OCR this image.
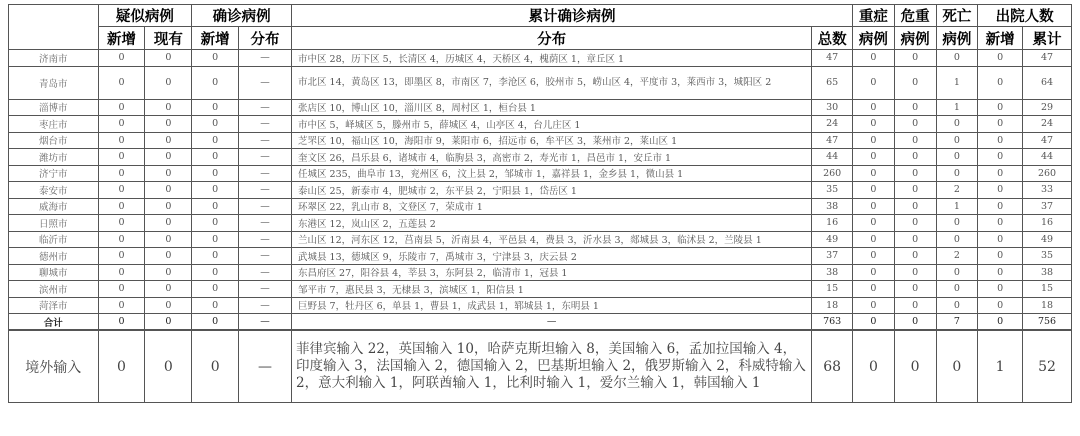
	疑似病例		确诊病例		累计确诊病例		重症	危重	死亡	出院人数	
	新增	现有	新增	分布	分布	总数	病例	病例	病例	新增	累计
济南市	0	0	0	—	市中区 28，历下区 5，长清区 4，历城区 4，天桥区 4，槐荫区 1，章丘区 1	47	0	0	0	0	47
青岛市	0	0	0	—	市北区 14，黄岛区 13，即墨区 8，市南区 7，李沧区 6，胶州市 5，崂山区 4，平度市 3，莱西市 3，城阳区 2	65	0	0	1	0	64
淄博市	0	0	0	—	张店区 10，博山区 10，淄川区 8，周村区 1，桓台县 1	30	0	0	1	0	29
枣庄市	0	0	0	—	市中区 5，峄城区 5，滕州市 5，薛城区 4，山亭区 4，台儿庄区 1	24	0	0	0	0	24
烟台市	0	0	0	—	芝罘区 10，福山区 10，海阳市 9，莱阳市 6，招远市 6，牟平区 3，莱州市 2，莱山区 1	47	0	0	0	0	47
潍坊市	0	0	0	—	奎文区 26，昌乐县 6，诸城市 4，临朐县 3，高密市 2，寿光市 1，昌邑市 1，安丘市 1	44	0	0	0	0	44
济宁市	0	0	0	—	任城区 235，曲阜市 13，兖州区 6，汶上县 2，邹城市 1，嘉祥县 1，金乡县 1，微山县 1	260	0	0	0	0	260
泰安市	0	0	0	—	泰山区 25，新泰市 4，肥城市 2，东平县 2，宁阳县 1，岱岳区 1	35	0	0	2	0	33
威海市	0	0	0	—	环翠区 22，乳山市 8，文登区 7，荣成市 1	38	0	0	1	0	37
日照市	0	0	0	—	东港区 12，岚山区 2，五莲县 2	16	0	0	0	0	16
临沂市	0	0	0	—	兰山区 12，河东区 12，莒南县 5，沂南县 4，平邑县 4，费县 3，沂水县 3，郯城县 3，临沭县 2，兰陵县 1	49	0	0	0	0	49
德州市	0	0	0	—	武城县 13，德城区 9，乐陵市 7，禹城市 3，宁津县 3，庆云县 2	37	0	0	2	0	35
聊城市	0	0	0	—	东昌府区 27，阳谷县 4，莘县 3，东阿县 2，临清市 1，冠县 1	38	0	0	0	0	38
滨州市	0	0	0	—	邹平市 7，惠民县 3，无棣县 3，滨城区 1，阳信县 1	15	0	0	0	0	15
菏泽市	0	0	0	—	巨野县 7，牡丹区 6，单县 1，曹县 1，成武县 1，郓城县 1，东明县 1	18	0	0	0	0	18
合计	0	0	0	—	—	763	0	0	7	0	756
境外输入	0	0	0	—	菲律宾输入 22，英国输入 10，哈萨克斯坦输入 8，美国输入 6，孟加拉国输入 4，印度输入 3，法国输入 2，德国输入 2，巴基斯坦输入 2，俄罗斯输入 2，科威特输入 2，意大利输入 1，阿联酋输入 1，比利时输入 1，爱尔兰输入 1，韩国输入 1	68	0	0	0	1	52
